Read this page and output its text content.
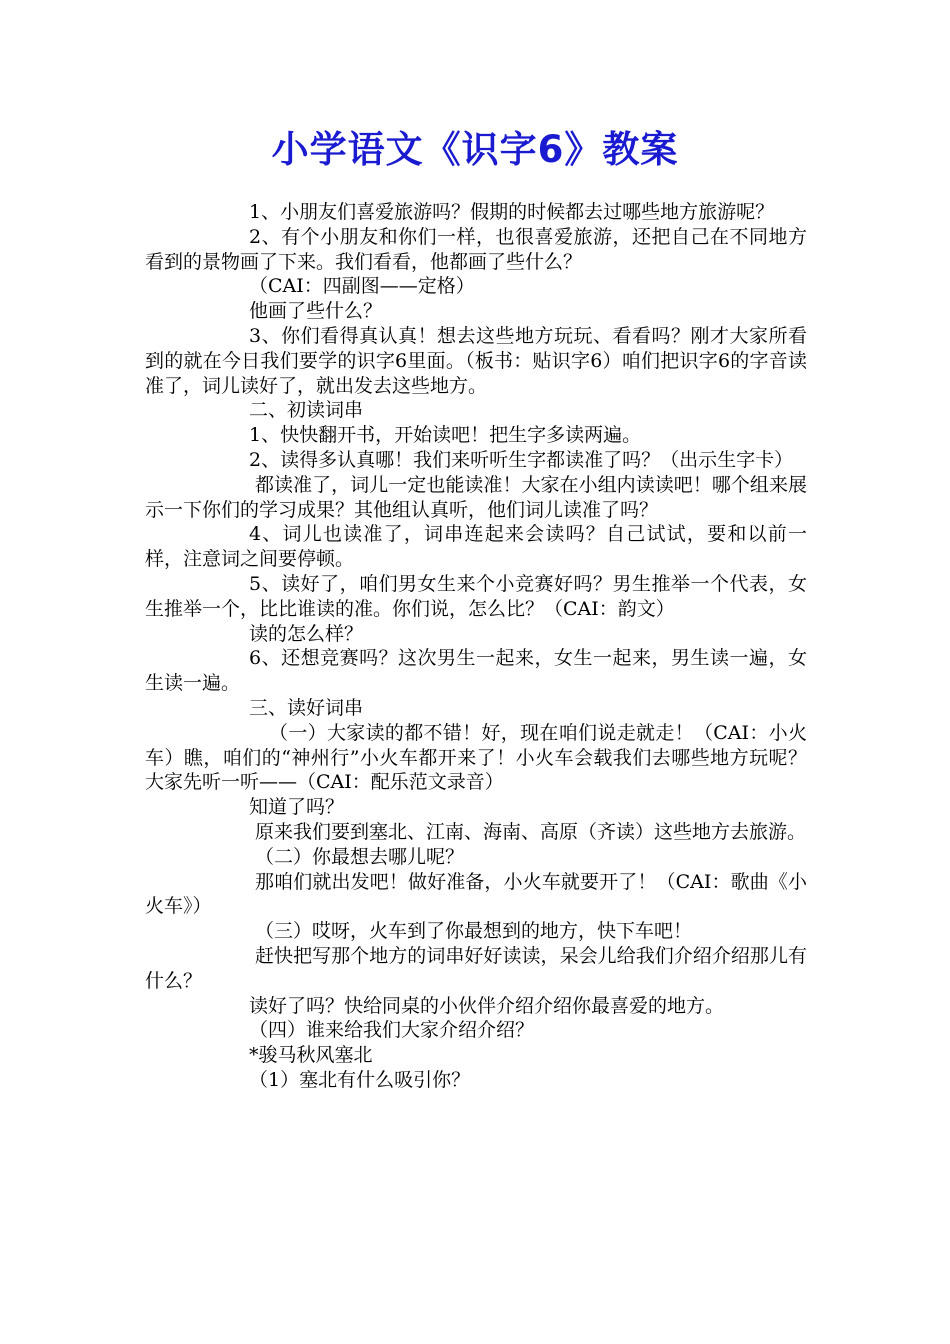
小学语文《识字6》教案

1、小朋友们喜爱旅游吗？假期的时候都去过哪些地方旅游呢？

2、有个小朋友和你们一样，也很喜爱旅游，还把自己在不同地方看到的景物画了下来。我们看看，他都画了些什么？

（CAI：四副图——定格）

他画了些什么？

3、你们看得真认真！想去这些地方玩玩、看看吗？刚才大家所看到的就在今日我们要学的识字6里面。（板书：贴识字6）咱们把识字6的字音读准了，词儿读好了，就出发去这些地方。

二、初读词串

1、快快翻开书，开始读吧！把生字多读两遍。

2、读得多认真哪！我们来听听生字都读准了吗？（出示生字卡）

都读准了，词儿一定也能读准！大家在小组内读读吧！哪个组来展示一下你们的学习成果？其他组认真听，他们词儿读准了吗？

4、词儿也读准了，词串连起来会读吗？自己试试，要和以前一样，注意词之间要停顿。

5、读好了，咱们男女生来个小竞赛好吗？男生推举一个代表，女生推举一个，比比谁读的准。你们说，怎么比？（CAI：韵文）

读的怎么样？

6、还想竞赛吗？这次男生一起来，女生一起来，男生读一遍，女生读一遍。

三、读好词串

（一）大家读的都不错！好，现在咱们说走就走！（CAI：小火车）瞧，咱们的“神州行”小火车都开来了！小火车会载我们去哪些地方玩呢？大家先听一听——（CAI：配乐范文录音）

知道了吗？

原来我们要到塞北、江南、海南、高原（齐读）这些地方去旅游。

（二）你最想去哪儿呢？

那咱们就出发吧！做好准备，小火车就要开了！（CAI：歌曲《小火车》）

（三）哎呀，火车到了你最想到的地方，快下车吧！

赶快把写那个地方的词串好好读读，呆会儿给我们介绍介绍那儿有什么？

读好了吗？快给同桌的小伙伴介绍介绍你最喜爱的地方。

（四）谁来给我们大家介绍介绍？

*骏马秋风塞北

（1）塞北有什么吸引你？
